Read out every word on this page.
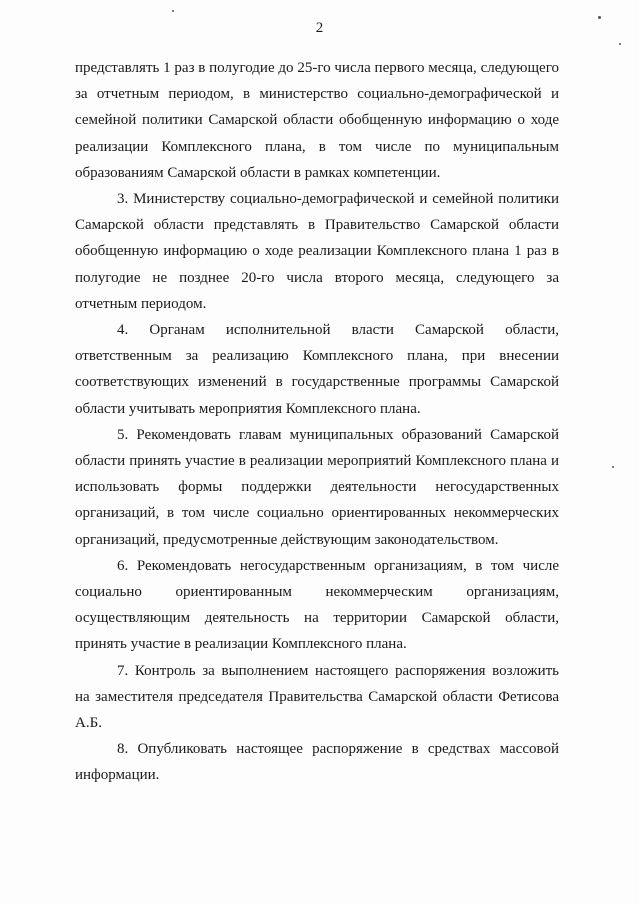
2

представлять 1 раз в полугодие до 25-го числа первого месяца, следующего за отчетным периодом, в министерство социально-демографической и семейной политики Самарской области обобщенную информацию о ходе реализации Комплексного плана, в том числе по муниципальным образованиям Самарской области в рамках компетенции.

3. Министерству социально-демографической и семейной политики Самарской области представлять в Правительство Самарской области обобщенную информацию о ходе реализации Комплексного плана 1 раз в полугодие не позднее 20-го числа второго месяца, следующего за отчетным периодом.

4. Органам исполнительной власти Самарской области, ответственным за реализацию Комплексного плана, при внесении соответствующих изменений в государственные программы Самарской области учитывать мероприятия Комплексного плана.

5. Рекомендовать главам муниципальных образований Самарской области принять участие в реализации мероприятий Комплексного плана и использовать формы поддержки деятельности негосударственных организаций, в том числе социально ориентированных некоммерческих организаций, предусмотренные действующим законодательством.

6. Рекомендовать негосударственным организациям, в том числе социально ориентированным некоммерческим организациям, осуществляющим деятельность на территории Самарской области, принять участие в реализации Комплексного плана.

7. Контроль за выполнением настоящего распоряжения возложить на заместителя председателя Правительства Самарской области Фетисова А.Б.

8. Опубликовать настоящее распоряжение в средствах массовой информации.
